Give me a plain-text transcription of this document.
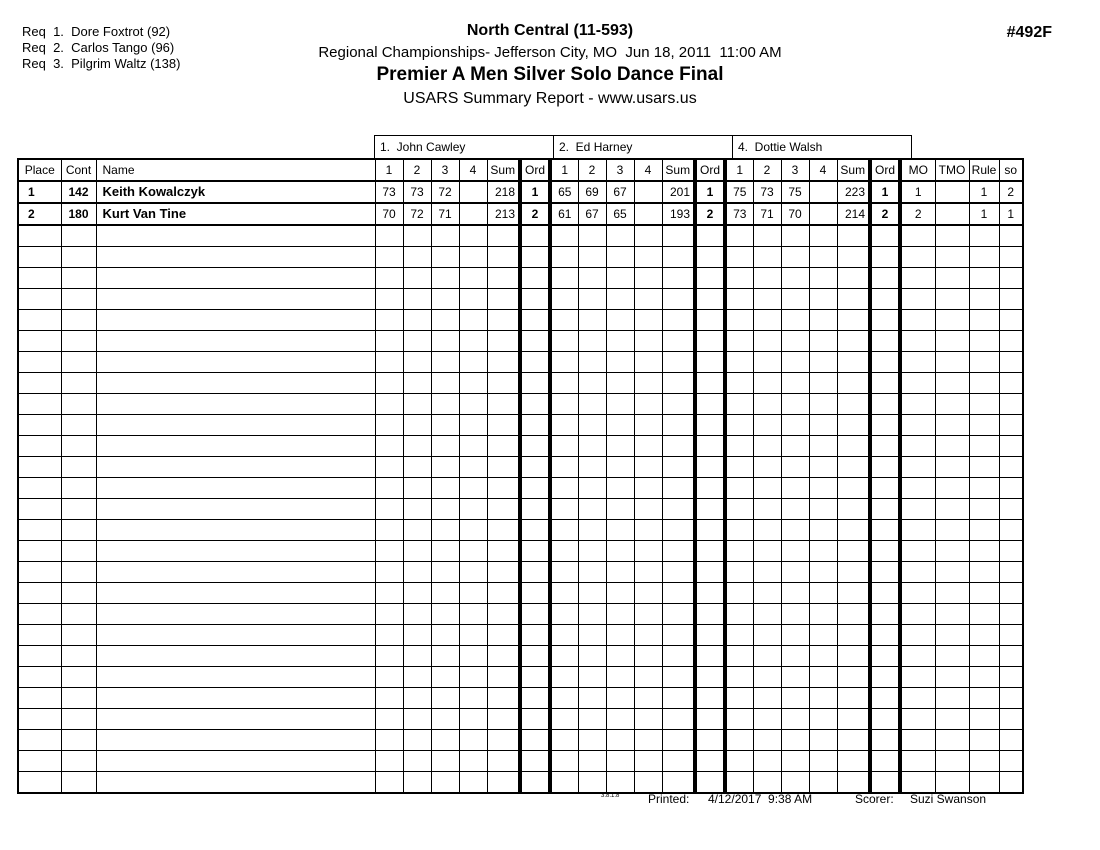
Req  1.  Dore Foxtrot (92)
Req  2.  Carlos Tango (96)
Req  3.  Pilgrim Waltz (138)
North Central (11-593)
Regional Championships- Jefferson City, MO  Jun 18, 2011  11:00 AM
Premier A Men Silver Solo Dance Final
USARS Summary Report - www.usars.us
#492F
1.  John Cawley	2.  Ed Harney	4.  Dottie Walsh
Place	Cont	Name	1	2	3	4	Sum	Ord	1	2	3	4	Sum	Ord	1	2	3	4	Sum	Ord	MO	TMO	Rule	so
1	142	Keith Kowalczyk	73	73	72		218	1	65	69	67		201	1	75	73	75		223	1	1		1	2
2	180	Kurt Van Tine	70	72	71		213	2	61	67	65		193	2	73	71	70		214	2	2		1	1

3.8.1.8 Printed: 4/12/2017  9:38 AM	Scorer: Suzi Swanson
